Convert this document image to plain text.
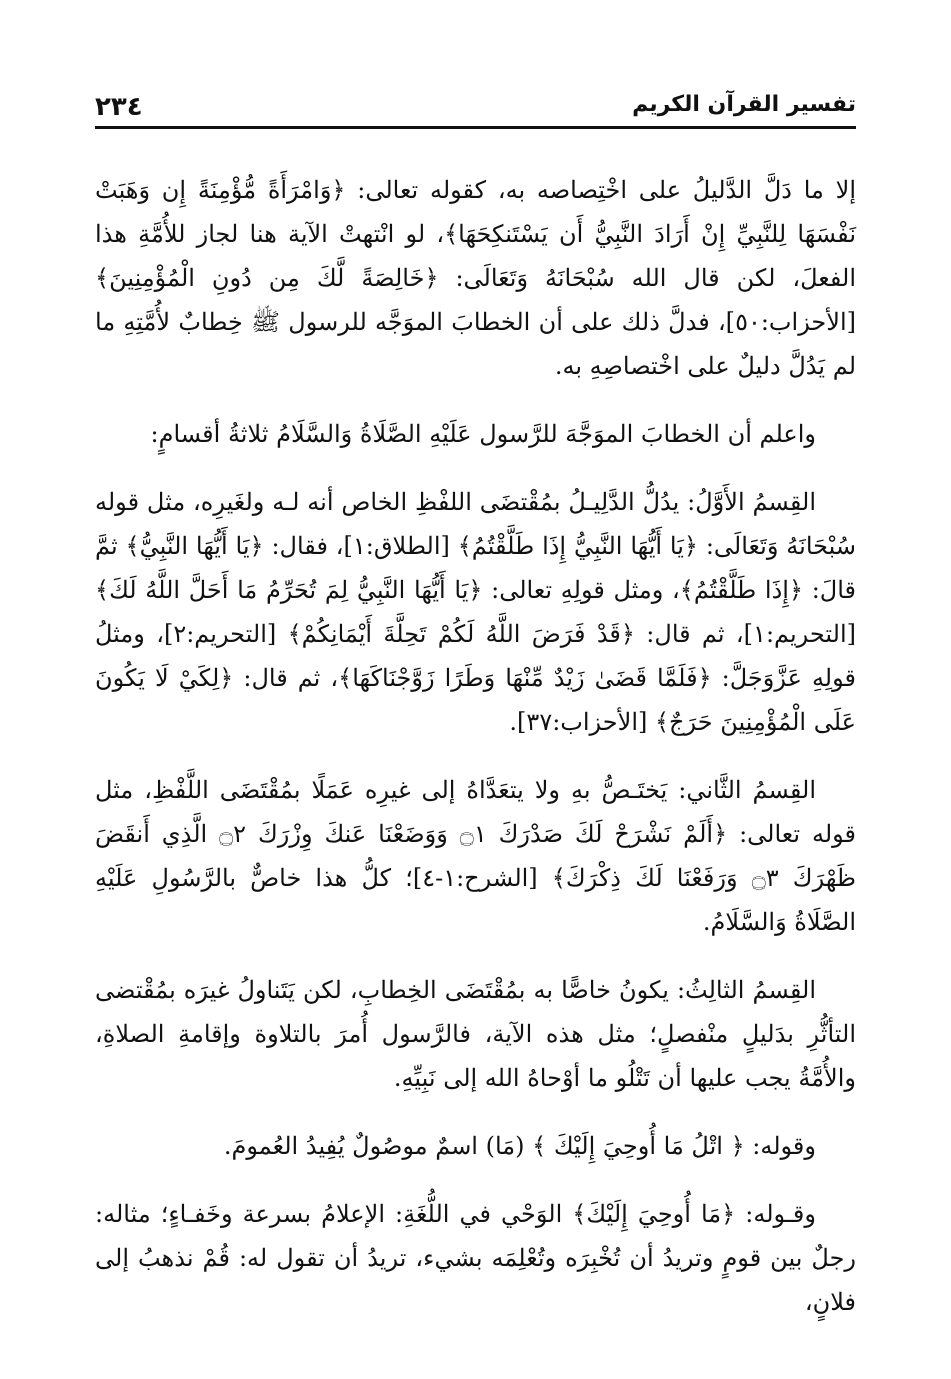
٢٣٤	تفسير القرآن الكريم

إلا ما دَلَّ الدَّليلُ على اخْتِصاصه به، كقوله تعالى: ﴿وَامْرَأَةً مُّؤْمِنَةً إِن وَهَبَتْ نَفْسَهَا لِلنَّبِيِّ إِنْ أَرَادَ النَّبِيُّ أَن يَسْتَنكِحَهَا﴾، لو انْتهتْ الآية هنا لجاز للأُمَّةِ هذا الفعلَ، لكن قال الله سُبْحَانَهُ وَتَعَالَى: ﴿خَالِصَةً لَّكَ مِن دُونِ الْمُؤْمِنِينَ﴾ [الأحزاب:٥٠]، فدلَّ ذلك على أن الخطابَ الموَجَّه للرسول ﷺ خِطابٌ لأُمَّتِهِ ما لم يَدُلَّ دليلٌ على اخْتصاصِهِ به.

واعلم أن الخطابَ الموَجَّهَ للرَّسول عَلَيْهِ الصَّلَاةُ وَالسَّلَامُ ثلاثةُ أقسامٍ:

القِسمُ الأَوَّلُ: يدُلُّ الدَّلِيـلُ بمُقْتضَى اللفْظِ الخاص أنه لـه ولغَيرِه، مثل قوله سُبْحَانَهُ وَتَعَالَى: ﴿يَا أَيُّهَا النَّبِيُّ إِذَا طَلَّقْتُمُ﴾ [الطلاق:١]، فقال: ﴿يَا أَيُّهَا النَّبِيُّ﴾ ثمَّ قالَ: ﴿إِذَا طَلَّقْتُمُ﴾، ومثل قولِهِ تعالى: ﴿يَا أَيُّهَا النَّبِيُّ لِمَ تُحَرِّمُ مَا أَحَلَّ اللَّهُ لَكَ﴾ [التحريم:١]، ثم قال: ﴿قَدْ فَرَضَ اللَّهُ لَكُمْ تَحِلَّةَ أَيْمَانِكُمْ﴾ [التحريم:٢]، ومثلُ قولِهِ عَزَّوَجَلَّ: ﴿فَلَمَّا قَضَىٰ زَيْدٌ مِّنْهَا وَطَرًا زَوَّجْنَاكَهَا﴾، ثم قال: ﴿لِكَيْ لَا يَكُونَ عَلَى الْمُؤْمِنِينَ حَرَجٌ﴾ [الأحزاب:٣٧].

القِسمُ الثَّاني: يَختَـصُّ بهِ ولا يتعَدَّاهُ إلى غيرِه عَمَلًا بمُقْتَضَى اللَّفْظِ، مثل قوله تعالى: ﴿أَلَمْ نَشْرَحْ لَكَ صَدْرَكَ ۝١ وَوَضَعْنَا عَنكَ وِزْرَكَ ۝٢ الَّذِي أَنقَضَ ظَهْرَكَ ۝٣ وَرَفَعْنَا لَكَ ذِكْرَكَ﴾ [الشرح:١-٤]؛ كلُّ هذا خاصٌّ بالرَّسُولِ عَلَيْهِ الصَّلَاةُ وَالسَّلَامُ.

القِسمُ الثالِثُ: يكونُ خاصًّا به بمُقْتَضَى الخِطابِ، لكن يَتَناولُ غيرَه بمُقْتضى التأثُّرِ بدَليلٍ منْفصلٍ؛ مثل هذه الآية، فالرَّسول أُمرَ بالتلاوة وإقامةِ الصلاةِ، والأُمَّةُ يجب عليها أن تَتْلُو ما أوْحاهُ الله إلى نَبِيِّهِ.

وقوله: ﴿ اتْلُ مَا أُوحِيَ إِلَيْكَ ﴾ (مَا) اسمٌ موصُولٌ يُفِيدُ العُمومَ.

وقـوله: ﴿مَا أُوحِيَ إِلَيْكَ﴾ الوَحْي في اللُّغَةِ: الإعلامُ بسرعة وخَفـاءٍ؛ مثاله: رجلٌ بين قومٍ وتريدُ أن تُخْبِرَه وتُعْلِمَه بشيء، تريدُ أن تقول له: قُمْ نذهبُ إلى فلانٍ،
